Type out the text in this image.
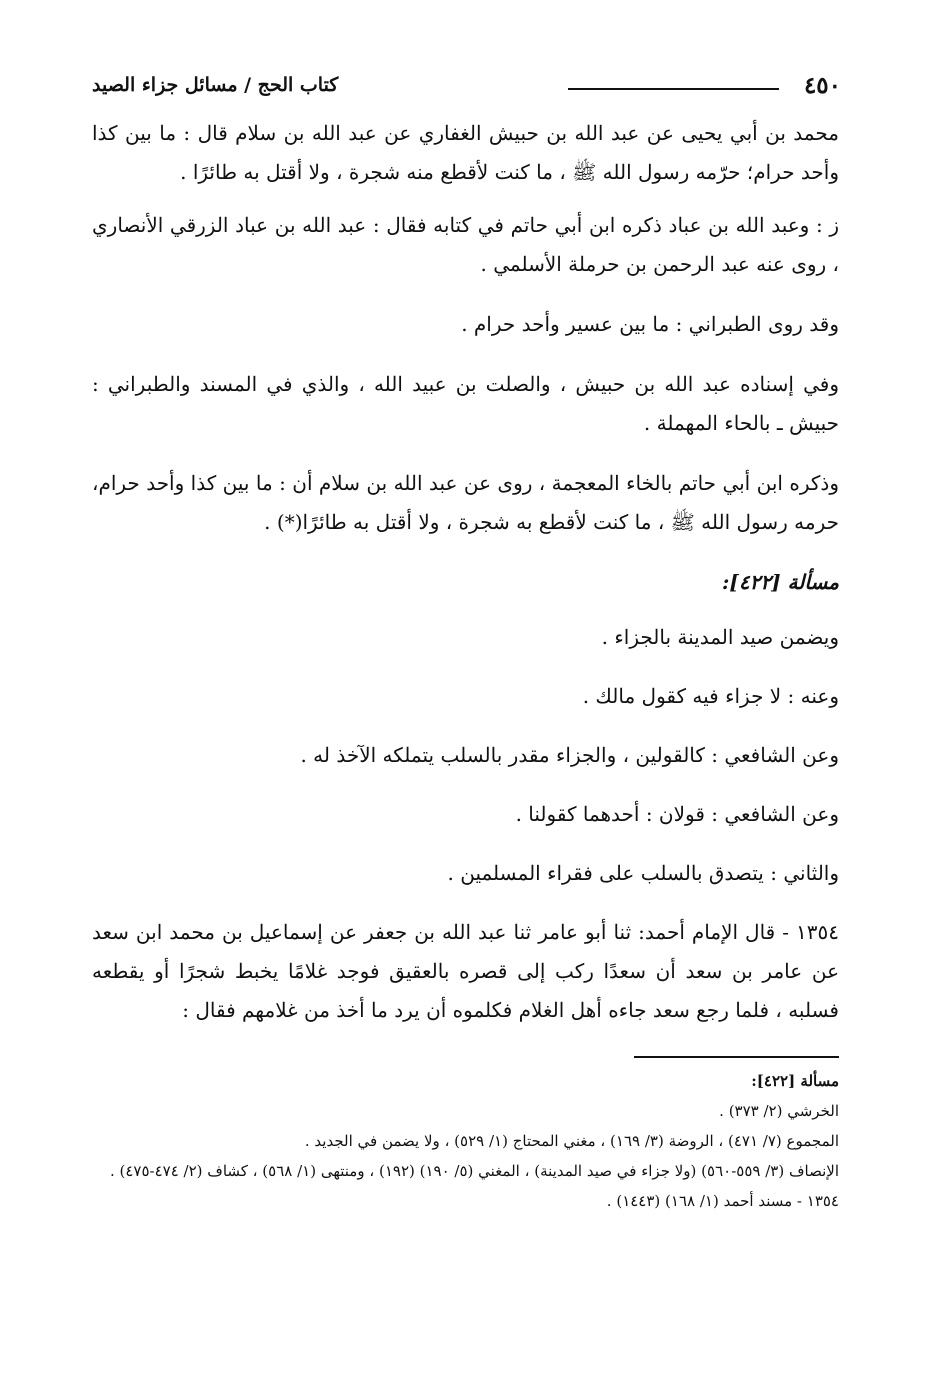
٤٥٠
كتاب الحج / مسائل جزاء الصيد

محمد بن أبي يحيى عن عبد الله بن حبيش الغفاري عن عبد الله بن سلام قال : ما بين كذا وأحد حرام؛ حرّمه رسول الله ﷺ ، ما كنت لأقطع منه شجرة ، ولا أقتل به طائرًا .

ز : وعبد الله بن عباد ذكره ابن أبي حاتم في كتابه فقال : عبد الله بن عباد الزرقي الأنصاري ، روى عنه عبد الرحمن بن حرملة الأسلمي .

وقد روى الطبراني : ما بين عسير وأحد حرام .

وفي إسناده عبد الله بن حبيش ، والصلت بن عبيد الله ، والذي في المسند والطبراني : حبيش ـ بالحاء المهملة .

وذكره ابن أبي حاتم بالخاء المعجمة ، روى عن عبد الله بن سلام أن : ما بين كذا وأحد حرام، حرمه رسول الله ﷺ ، ما كنت لأقطع به شجرة ، ولا أقتل به طائرًا(*) .

مسألة [٤٢٢]:

ويضمن صيد المدينة بالجزاء .

وعنه : لا جزاء فيه كقول مالك .

وعن الشافعي : كالقولين ، والجزاء مقدر بالسلب يتملكه الآخذ له .

وعن الشافعي : قولان : أحدهما كقولنا .

والثاني : يتصدق بالسلب على فقراء المسلمين .

١٣٥٤ - قال الإمام أحمد: ثنا أبو عامر ثنا عبد الله بن جعفر عن إسماعيل بن محمد ابن سعد عن عامر بن سعد أن سعدًا ركب إلى قصره بالعقيق فوجد غلامًا يخبط شجرًا أو يقطعه فسلبه ، فلما رجع سعد جاءه أهل الغلام فكلموه أن يرد ما أخذ من غلامهم فقال :

مسألة [٤٢٢]:

الخرشي (٢/ ٣٧٣) .

المجموع (٧/ ٤٧١) ، الروضة (٣/ ١٦٩) ، مغني المحتاج (١/ ٥٢٩) ، ولا يضمن في الجديد .

الإنصاف (٣/ ٥٥٩-٥٦٠) (ولا جزاء في صيد المدينة) ، المغني (٥/ ١٩٠) (١٩٢) ، ومنتهى (١/ ٥٦٨) ، كشاف (٢/ ٤٧٤-٤٧٥) .

١٣٥٤ - مسند أحمد (١/ ١٦٨) (١٤٤٣) .
